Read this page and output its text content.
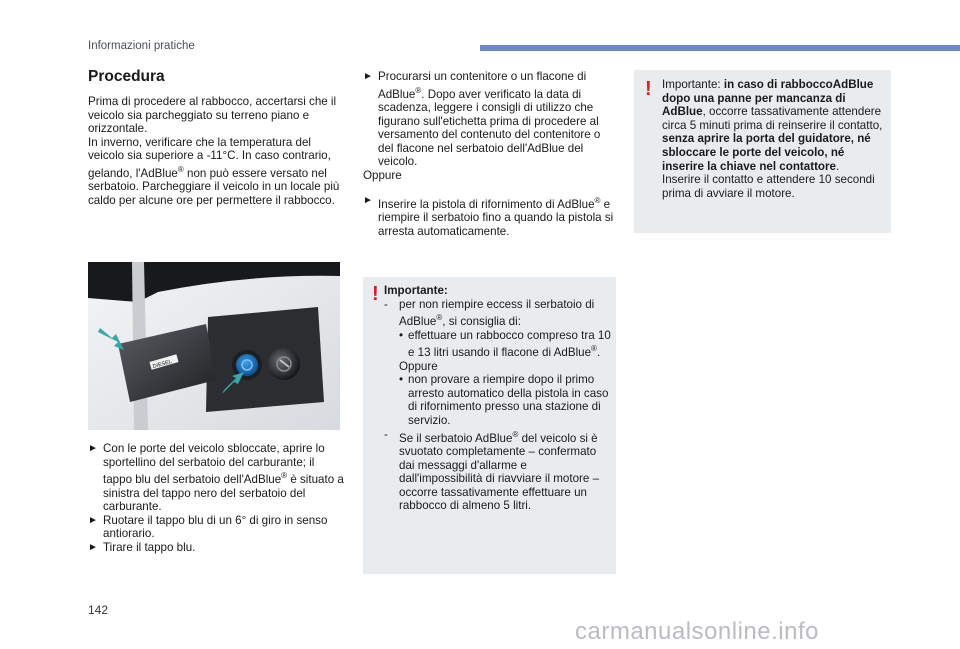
Informazioni pratiche
Procedura

Prima di procedere al rabbocco, accertarsi che il veicolo sia parcheggiato su terreno piano e orizzontale.

In inverno, verificare che la temperatura del veicolo sia superiore a -11°C. In caso contrario, gelando, l'AdBlue® non può essere versato nel serbatoio. Parcheggiare il veicolo in un locale più caldo per alcune ore per permettere il rabbocco.

DIESEL
► Con le porte del veicolo sbloccate, aprire lo sportellino del serbatoio del carburante; il tappo blu del serbatoio dell'AdBlue® è situato a sinistra del tappo nero del serbatoio del carburante.
► Ruotare il tappo blu di un 6° di giro in senso antiorario.
► Tirare il tappo blu.
► Procurarsi un contenitore o un flacone di AdBlue®. Dopo aver verificato la data di scadenza, leggere i consigli di utilizzo che figurano sull'etichetta prima di procedere al versamento del contenuto del contenitore o del flacone nel serbatoio dell'AdBlue del veicolo.
Oppure
► Inserire la pistola di rifornimento di AdBlue® e riempire il serbatoio fino a quando la pistola si arresta automaticamente.
! Importante:
- per non riempire eccess il serbatoio di AdBlue®, si consiglia di:
• effettuare un rabbocco compreso tra 10 e 13 litri usando il flacone di AdBlue®.
Oppure
• non provare a riempire dopo il primo arresto automatico della pistola in caso di rifornimento presso una stazione di servizio.
- Se il serbatoio AdBlue® del veicolo si è svuotato completamente – confermato dai messaggi d'allarme e dall'impossibilità di riavviare il motore – occorre tassativamente effettuare un rabbocco di almeno 5 litri.
! Importante: in caso di rabboccoAdBlue dopo una panne per mancanza di AdBlue, occorre tassativamente attendere circa 5 minuti prima di reinserire il contatto, senza aprire la porta del guidatore, né sbloccare le porte del veicolo, né inserire la chiave nel contattore.
Inserire il contatto e attendere 10 secondi prima di avviare il motore.
142
carmanualsonline.info
